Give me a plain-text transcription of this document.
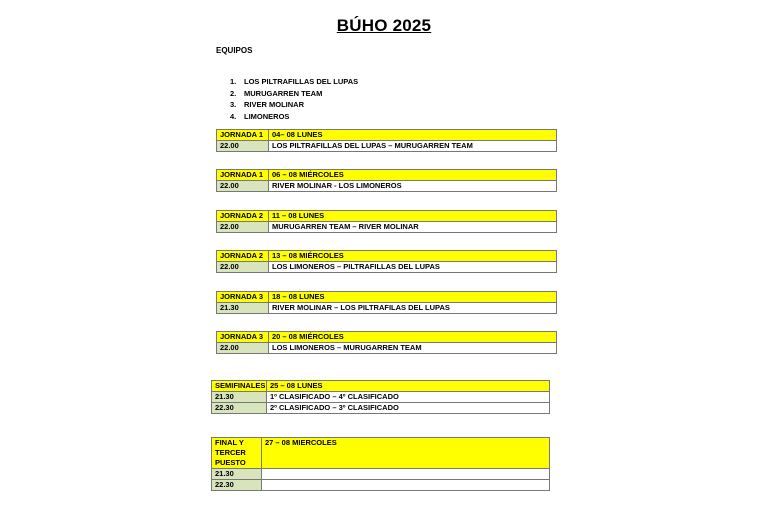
BÚHO 2025
EQUIPOS
1. LOS PILTRAFILLAS DEL LUPAS
2. MURUGARREN TEAM
3. RIVER MOLINAR
4. LIMONEROS
JORNADA 1	04– 08 LUNES
22.00	LOS PILTRAFILLAS DEL LUPAS – MURUGARREN TEAM
JORNADA 1	06 – 08 MIÉRCOLES
22.00	RIVER MOLINAR - LOS LIMONEROS
JORNADA 2	11 – 08 LUNES
22.00	MURUGARREN TEAM – RIVER MOLINAR
JORNADA 2	13 – 08 MIÉRCOLES
22.00	LOS LIMONEROS – PILTRAFILLAS DEL LUPAS
JORNADA 3	18 – 08 LUNES
21.30	RIVER MOLINAR – LOS PILTRAFILAS DEL LUPAS
JORNADA 3	20 – 08 MIÉRCOLES
22.00	LOS LIMONEROS – MURUGARREN TEAM
SEMIFINALES	25 – 08 LUNES
21.30	1º CLASIFICADO – 4º CLASIFICADO
22.30	2º CLASIFICADO – 3º CLASIFICADO
FINAL Y TERCER PUESTO	27 – 08 MIERCOLES
21.30	
22.30	
